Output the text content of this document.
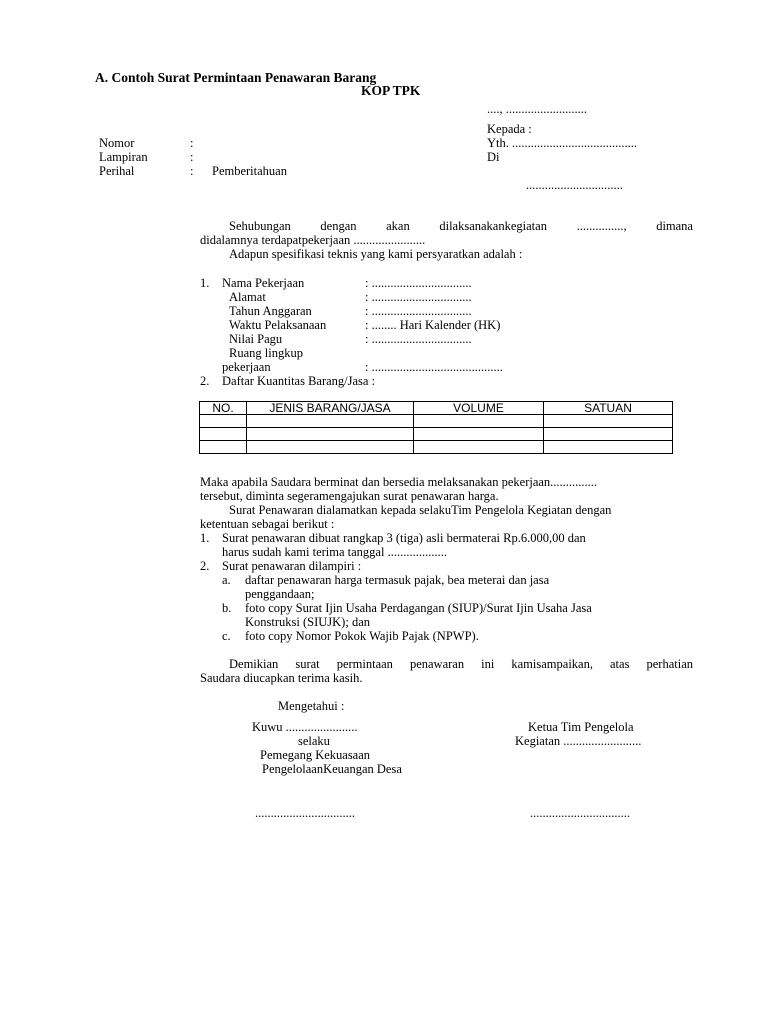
A. Contoh Surat Permintaan Penawaran Barang
KOP TPK
...., ..........................
Kepada :
Yth. ........................................
Di
...............................
Nomor	:
Lampiran	:
Perihal	: Pemberitahuan
Sehubungan dengan akan dilaksanakankegiatan ..............., dimana
didalamnya terdapatpekerjaan .......................
Adapun spesifikasi teknis yang kami persyaratkan adalah :
1. Nama Pekerjaan	: ................................
Alamat	: ................................
Tahun Anggaran	: ................................
Waktu Pelaksanaan	: ........ Hari Kalender (HK)
Nilai Pagu	: ................................
Ruang lingkup
pekerjaan	: ..........................................
2. Daftar Kuantitas Barang/Jasa :
NO.	JENIS BARANG/JASA	VOLUME	SATUAN

Maka apabila Saudara berminat dan bersedia melaksanakan pekerjaan...............
tersebut, diminta segeramengajukan surat penawaran harga.
Surat Penawaran dialamatkan kepada selakuTim Pengelola Kegiatan dengan
ketentuan sebagai berikut :
1. Surat penawaran dibuat rangkap 3 (tiga) asli bermaterai Rp.6.000,00 dan
harus sudah kami terima tanggal ...................
2. Surat penawaran dilampiri :
a. daftar penawaran harga termasuk pajak, bea meterai dan jasa
penggandaan;
b. foto copy Surat Ijin Usaha Perdagangan (SIUP)/Surat Ijin Usaha Jasa
Konstruksi (SIUJK); dan
c. foto copy Nomor Pokok Wajib Pajak (NPWP).
Demikian surat permintaan penawaran ini kamisampaikan, atas perhatian
Saudara diucapkan terima kasih.
Mengetahui :
Kuwu .......................
selaku
Pemegang Kekuasaan
PengelolaanKeuangan Desa
Ketua Tim Pengelola
Kegiatan .........................
................................	................................
